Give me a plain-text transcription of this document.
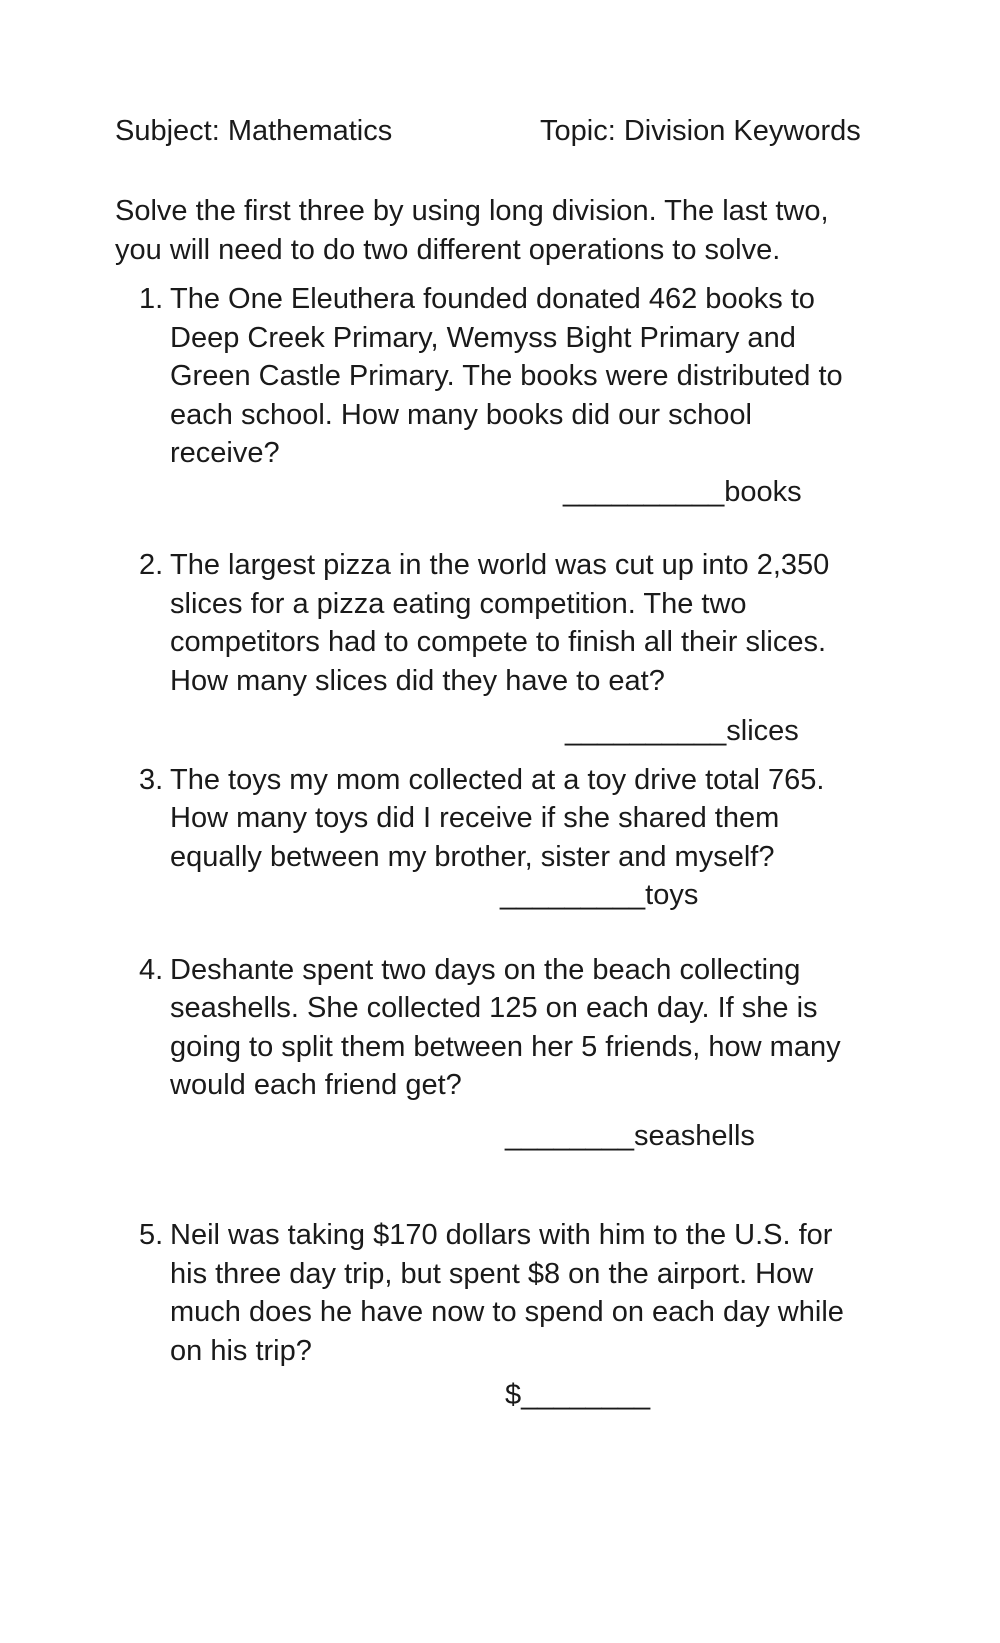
Subject: Mathematics	Topic: Division Keywords
Solve the first three by using long division. The last two,
you will need to do two different operations to solve.
1. The One Eleuthera founded donated 462 books to
Deep Creek Primary, Wemyss Bight Primary and
Green Castle Primary. The books were distributed to
each school. How many books did our school
receive?
__________books
2. The largest pizza in the world was cut up into 2,350
slices for a pizza eating competition. The two
competitors had to compete to finish all their slices.
How many slices did they have to eat?
__________slices
3. The toys my mom collected at a toy drive total 765.
How many toys did I receive if she shared them
equally between my brother, sister and myself?
_________toys
4. Deshante spent two days on the beach collecting
seashells. She collected 125 on each day. If she is
going to split them between her 5 friends, how many
would each friend get?
________seashells
5. Neil was taking $170 dollars with him to the U.S. for
his three day trip, but spent $8 on the airport. How
much does he have now to spend on each day while
on his trip?
$________
